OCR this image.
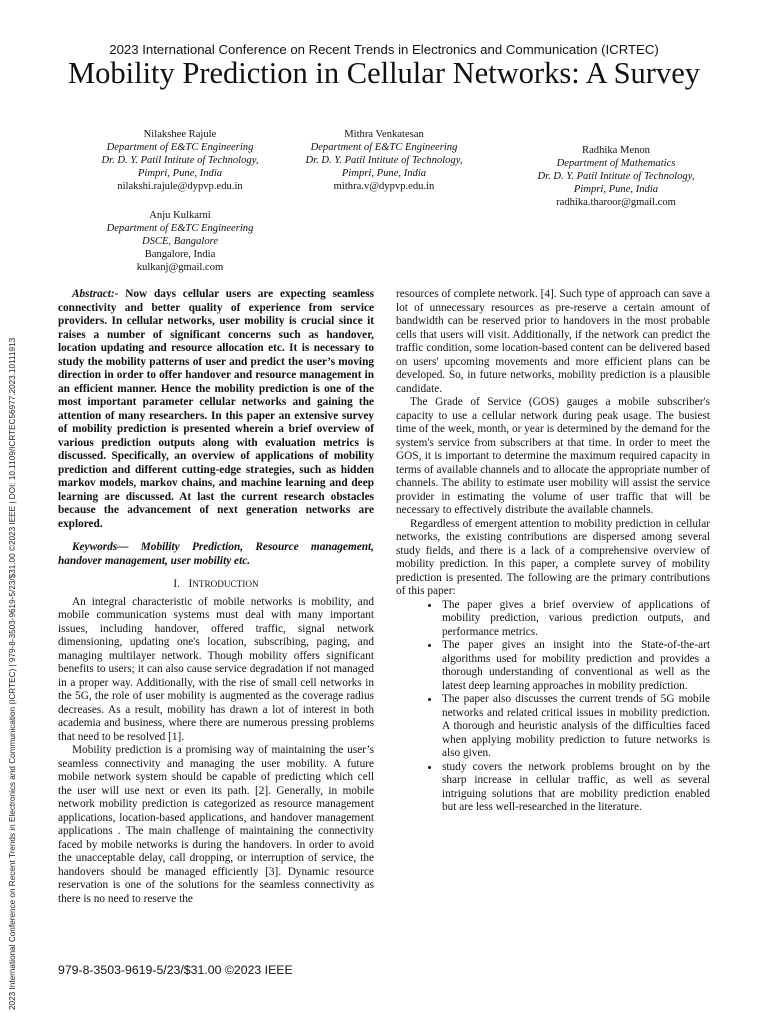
2023 International Conference on Recent Trends in Electronics and Communication (ICRTEC)
Mobility Prediction in Cellular Networks: A Survey
Nilakshee Rajule
Department of E&TC Engineering
Dr. D. Y. Patil Intitute of Technology,
Pimpri, Pune, India
nilakshi.rajule@dypvp.edu.in
Mithra Venkatesan
Department of E&TC Engineering
Dr. D. Y. Patil Intitute of Technology,
Pimpri, Pune, India
mithra.v@dypvp.edu.in
Radhika Menon
Department of Mathematics
Dr. D. Y. Patil Intitute of Technology,
Pimpri, Pune, India
radhika.tharoor@gmail.com
Anju Kulkarni
Department of E&TC Engineering
DSCE, Bangalore
Bangalore, India
kulkanj@gmail.com
2023 International Conference on Recent Trends in Electronics and Communication (ICRTEC) | 979-8-3503-9619-5/23/$31.00 ©2023 IEEE | DOI: 10.1109/ICRTEC56977.2023.10111913

Abstract:- Now days cellular users are expecting seamless connectivity and better quality of experience from service providers. In cellular networks, user mobility is crucial since it raises a number of significant concerns such as handover, location updating and resource allocation etc. It is necessary to study the mobility patterns of user and predict the user’s moving direction in order to offer handover and resource management in an efficient manner. Hence the mobility prediction is one of the most important parameter cellular networks and gaining the attention of many researchers. In this paper an extensive survey of mobility prediction is presented wherein a brief overview of various prediction outputs along with evaluation metrics is discussed. Specifically, an overview of applications of mobility prediction and different cutting-edge strategies, such as hidden markov models, markov chains, and machine learning and deep learning are discussed. At last the current research obstacles because the advancement of next generation networks are explored.

Keywords— Mobility Prediction, Resource management, handover management, user mobility etc.

I. INTRODUCTION

An integral characteristic of mobile networks is mobility, and mobile communication systems must deal with many important issues, including handover, offered traffic, signal network dimensioning, updating one's location, subscribing, paging, and managing multilayer network. Though mobility offers significant benefits to users; it can also cause service degradation if not managed in a proper way. Additionally, with the rise of small cell networks in the 5G, the role of user mobility is augmented as the coverage radius decreases. As a result, mobility has drawn a lot of interest in both academia and business, where there are numerous pressing problems that need to be resolved [1].

Mobility prediction is a promising way of maintaining the user’s seamless connectivity and managing the user mobility. A future mobile network system should be capable of predicting which cell the user will use next or even its path. [2]. Generally, in mobile network mobility prediction is categorized as resource management applications, location-based applications, and handover management applications . The main challenge of maintaining the connectivity faced by mobile networks is during the handovers. In order to avoid the unacceptable delay, call dropping, or interruption of service, the handovers should be managed efficiently [3]. Dynamic resource reservation is one of the solutions for the seamless connectivity as there is no need to reserve the

resources of complete network. [4]. Such type of approach can save a lot of unnecessary resources as pre-reserve a certain amount of bandwidth can be reserved prior to handovers in the most probable cells that users will visit. Additionally, if the network can predict the traffic condition, some location-based content can be delivered based on users' upcoming movements and more efficient plans can be developed. So, in future networks, mobility prediction is a plausible candidate.

The Grade of Service (GOS) gauges a mobile subscriber's capacity to use a cellular network during peak usage. The busiest time of the week, month, or year is determined by the demand for the system's service from subscribers at that time. In order to meet the GOS, it is important to determine the maximum required capacity in terms of available channels and to allocate the appropriate number of channels. The ability to estimate user mobility will assist the service provider in estimating the volume of user traffic that will be necessary to effectively distribute the available channels.

Regardless of emergent attention to mobility prediction in cellular networks, the existing contributions are dispersed among several study fields, and there is a lack of a comprehensive overview of mobility prediction. In this paper, a complete survey of mobility prediction is presented. The following are the primary contributions of this paper:

• The paper gives a brief overview of applications of mobility prediction, various prediction outputs, and performance metrics.
• The paper gives an insight into the State-of-the-art algorithms used for mobility prediction and provides a thorough understanding of conventional as well as the latest deep learning approaches in mobility prediction.
• The paper also discusses the current trends of 5G mobile networks and related critical issues in mobility prediction. A thorough and heuristic analysis of the difficulties faced when applying mobility prediction to future networks is also given.
• study covers the network problems brought on by the sharp increase in cellular traffic, as well as several intriguing solutions that are mobility prediction enabled but are less well-researched in the literature.
979-8-3503-9619-5/23/$31.00 ©2023 IEEE
